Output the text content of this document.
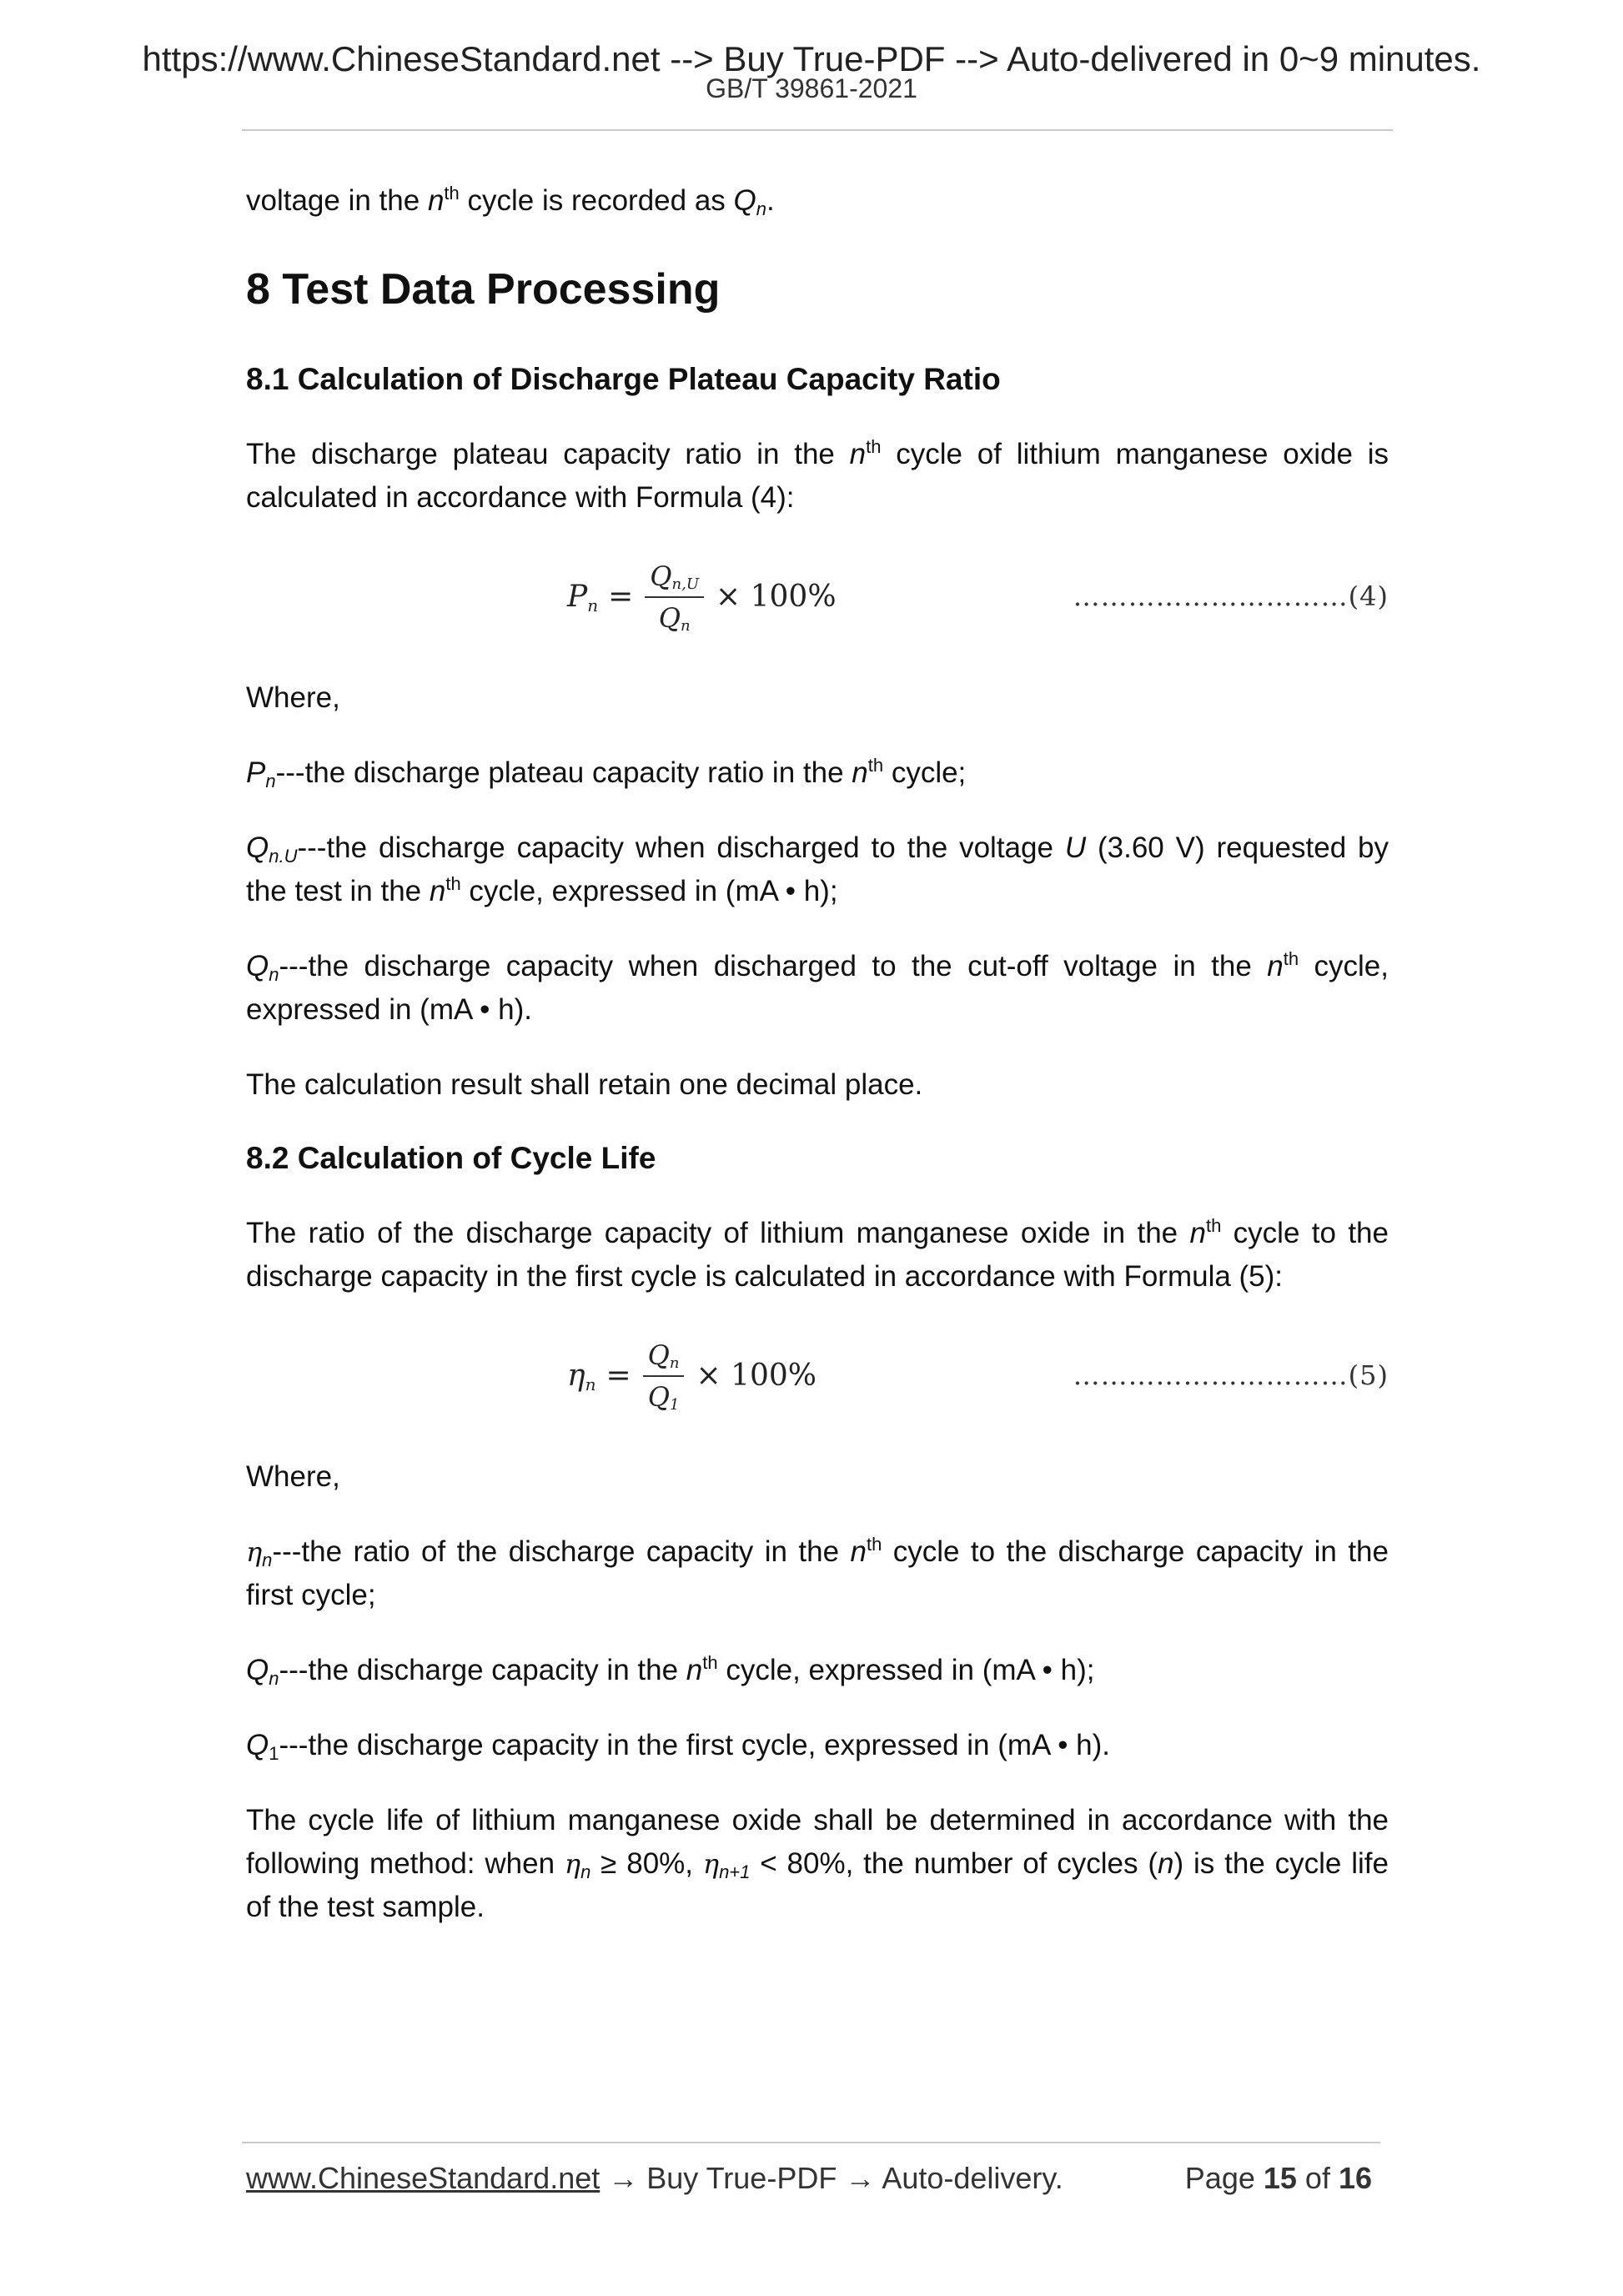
https://www.ChineseStandard.net --> Buy True-PDF --> Auto-delivered in 0~9 minutes.
GB/T 39861-2021

voltage in the $n^{th}$ cycle is recorded as $Q_n$.

8 Test Data Processing
8.1 Calculation of Discharge Plateau Capacity Ratio

The discharge plateau capacity ratio in the $n^{th}$ cycle of lithium manganese oxide is calculated in accordance with Formula (4):

$P_n = \frac{Q_{n,U}}{Q_n} \times 100\%$	…………………………(4)

Where,

$P_n--$-the discharge plateau capacity ratio in the $n^{th}$ cycle;

$Q_{n.U}--$-the discharge capacity when discharged to the voltage U (3.60 V) requested by the test in the $n^{th}$ cycle, expressed in (mA • h);

$Q_n--$-the discharge capacity when discharged to the cut-off voltage in the $n^{th}$ cycle, expressed in (mA • h).

The calculation result shall retain one decimal place.

8.2 Calculation of Cycle Life

The ratio of the discharge capacity of lithium manganese oxide in the $n^{th}$ cycle to the discharge capacity in the first cycle is calculated in accordance with Formula (5):

$\eta_n = \frac{Q_n}{Q_1} \times 100\%$	…………………………(5)

Where,

$\eta_n--$-the ratio of the discharge capacity in the $n^{th}$ cycle to the discharge capacity in the first cycle;

$Q_n--$-the discharge capacity in the $n^{th}$ cycle, expressed in (mA • h);

$Q_1--$-the discharge capacity in the first cycle, expressed in (mA • h).

The cycle life of lithium manganese oxide shall be determined in accordance with the following method: when $\eta_n \ge 80\%$, $\eta_{n+1} < 80\%$, the number of cycles (n) is the cycle life of the test sample.

www.ChineseStandard.net → Buy True-PDF → Auto-delivery.	Page 15 of 16
